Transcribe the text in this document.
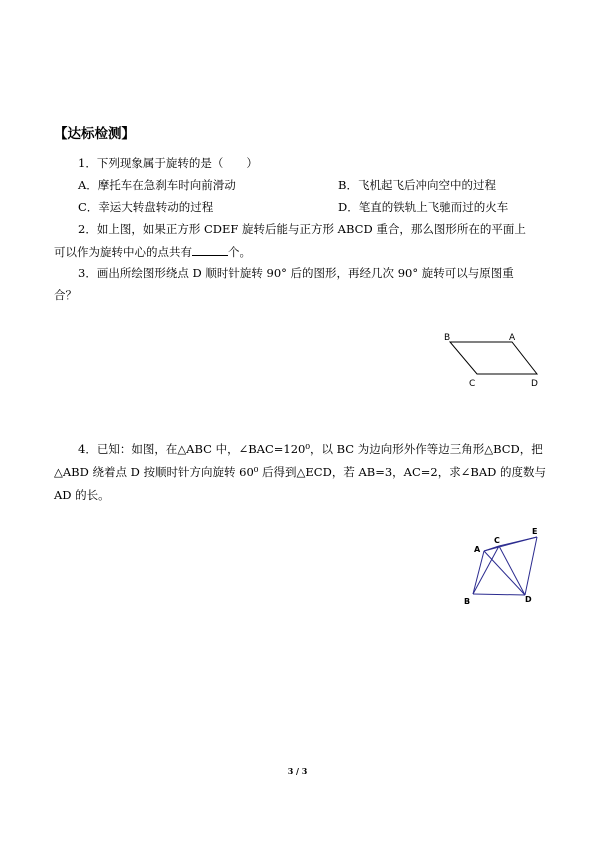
【达标检测】
1．下列现象属于旋转的是（　　）
A．摩托车在急刹车时向前滑动	B．飞机起飞后冲向空中的过程
C．幸运大转盘转动的过程	D．笔直的铁轨上飞驰而过的火车
2．如上图，如果正方形 CDEF 旋转后能与正方形 ABCD 重合，那么图形所在的平面上
可以作为旋转中心的点共有	个。
3．画出所绘图形绕点 D 顺时针旋转 90° 后的图形，再经几次 90° 旋转可以与原图重
合？
B	A
C	D
4．已知：如图，在△ABC 中，∠BAC=120⁰，以 BC 为边向形外作等边三角形△BCD，把
△ABD 绕着点 D 按顺时针方向旋转 60⁰ 后得到△ECD，若 AB=3，AC=2，求∠BAD 的度数与
AD 的长。
E
C
A
B	D
3 / 3
